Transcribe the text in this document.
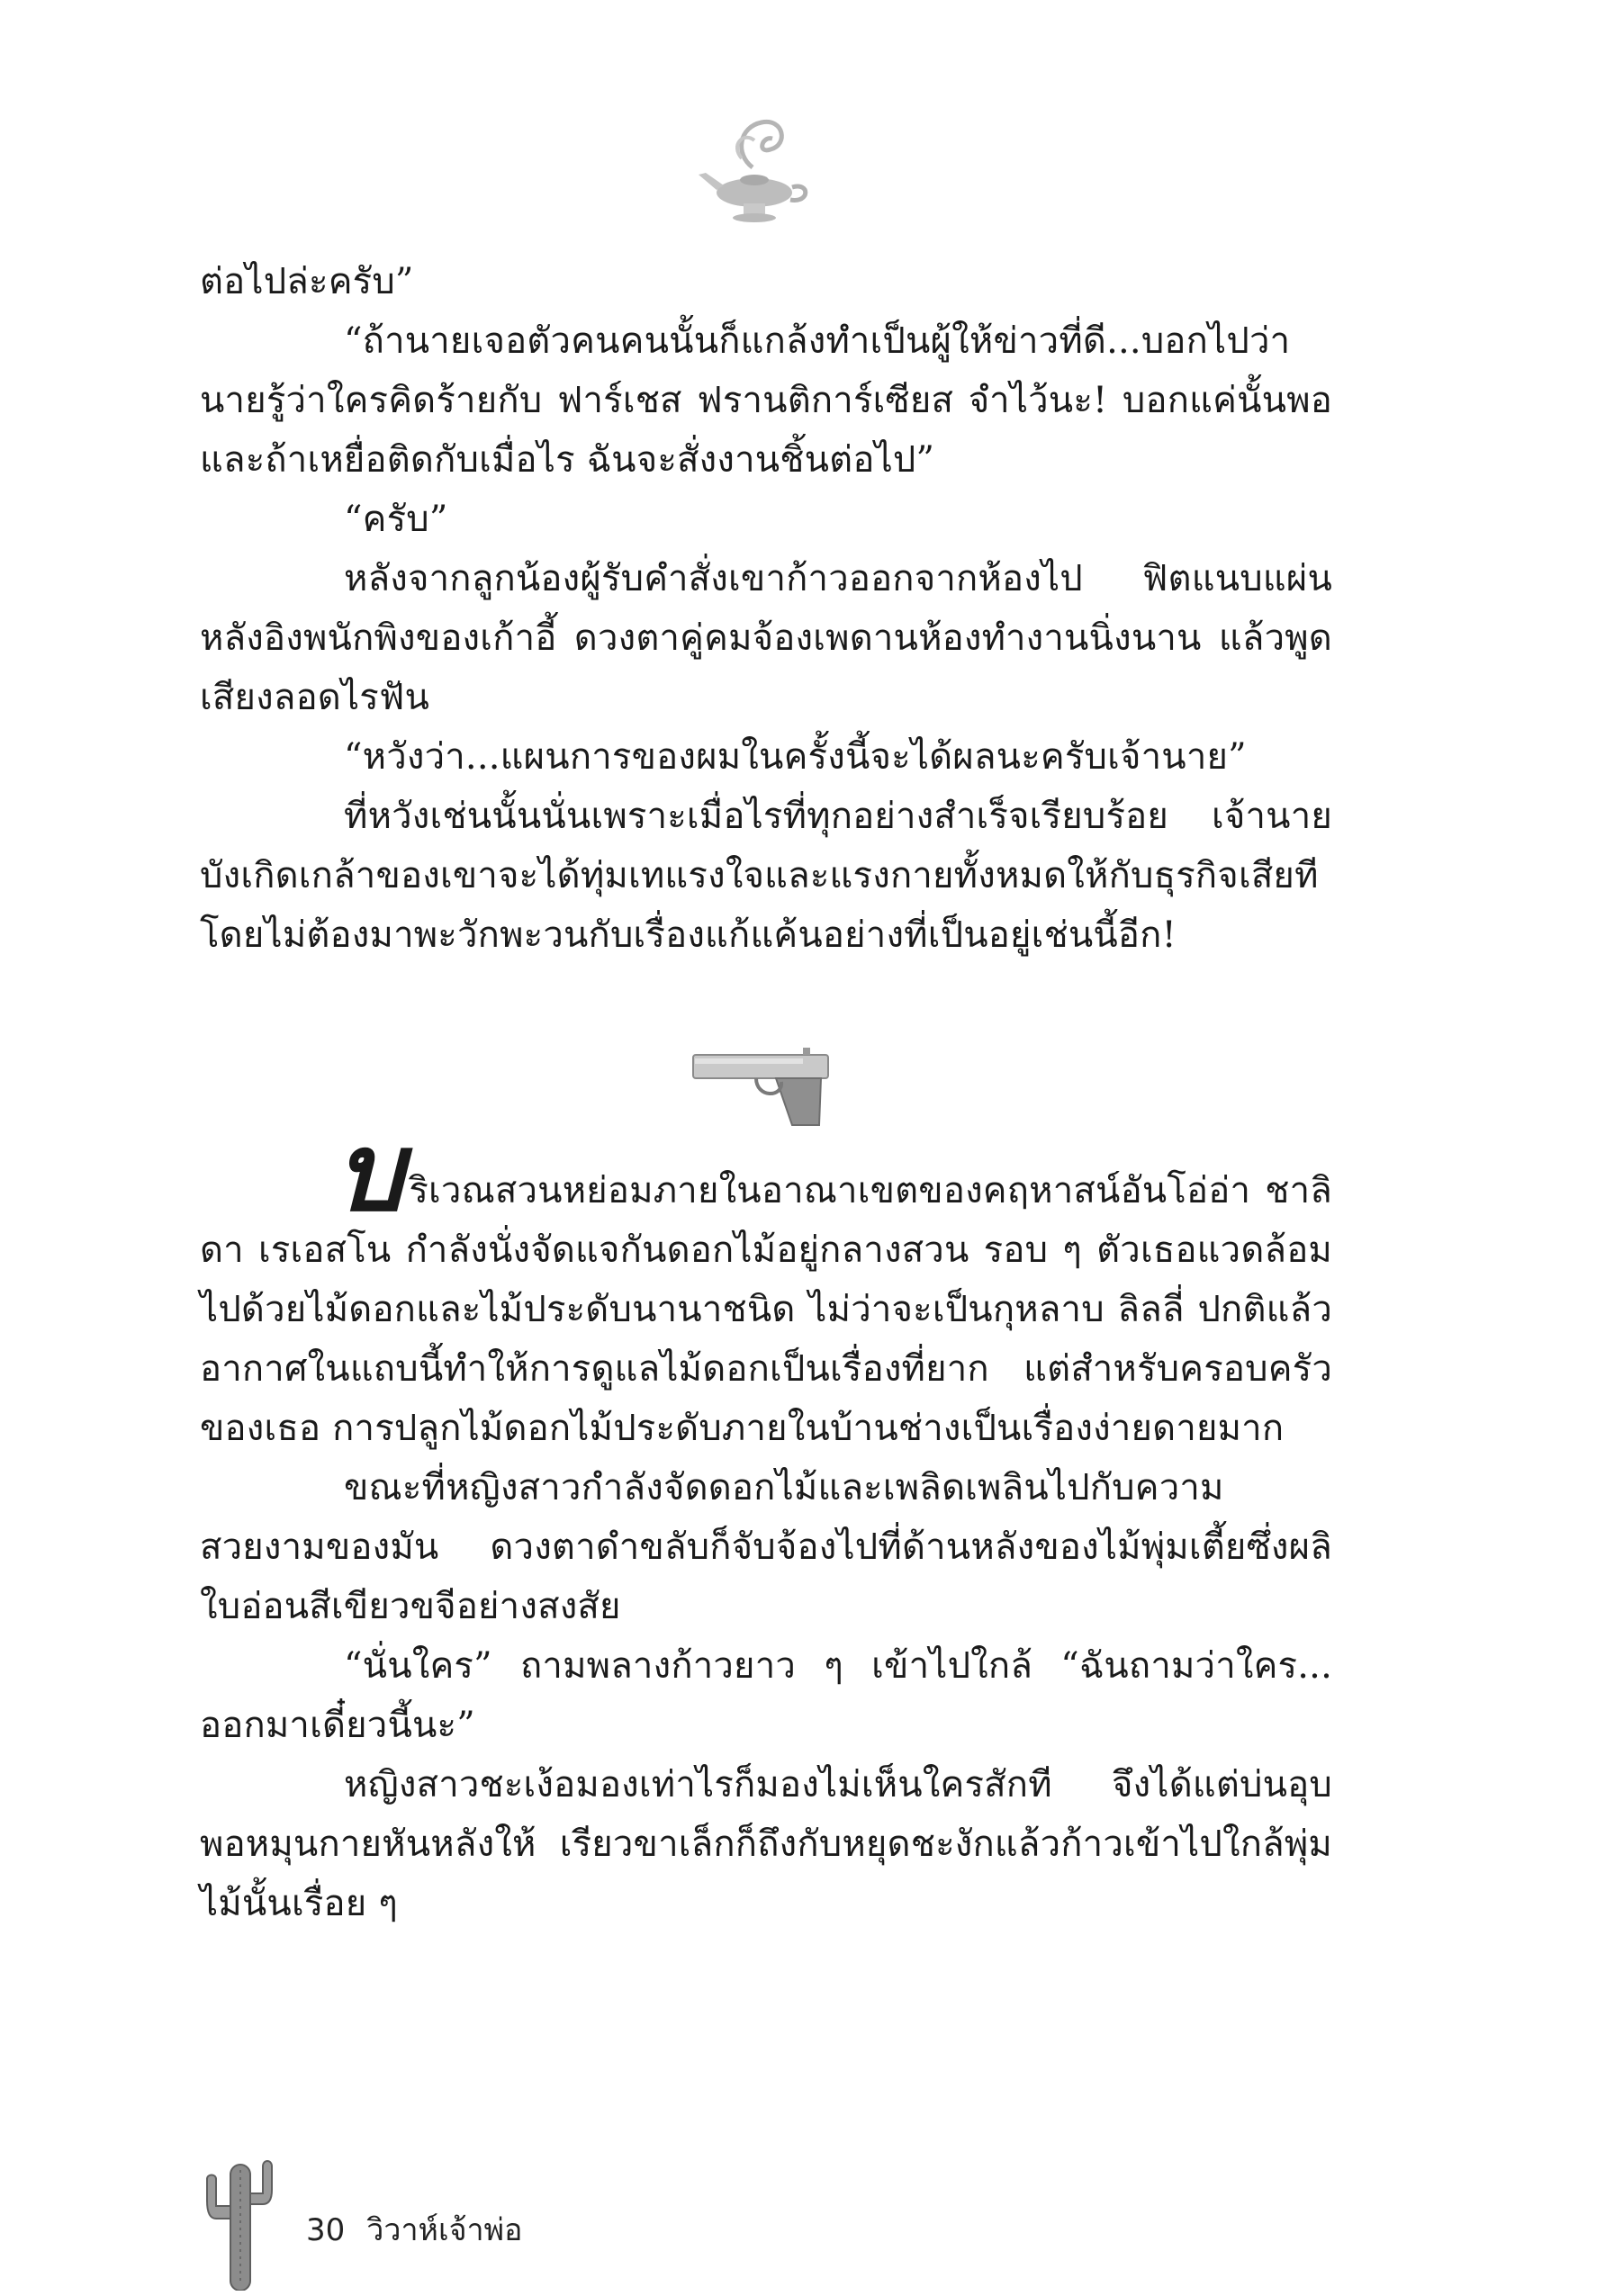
ต่อไปล่ะครับ”

“ถ้านายเจอตัวคนคนนั้นก็แกล้งทำเป็นผู้ให้ข่าวที่ดี...บอกไปว่านายรู้ว่าใครคิดร้ายกับ ฟาร์เชส ฟรานติการ์เซียส จำไว้นะ! บอกแค่นั้นพอ และถ้าเหยื่อติดกับเมื่อไร ฉันจะสั่งงานชิ้นต่อไป”

“ครับ”

หลังจากลูกน้องผู้รับคำสั่งเขาก้าวออกจากห้องไป ฟิตแนบแผ่นหลังอิงพนักพิงของเก้าอี้ ดวงตาคู่คมจ้องเพดานห้องทำงานนิ่งนาน แล้วพูดเสียงลอดไรฟัน

“หวังว่า...แผนการของผมในครั้งนี้จะได้ผลนะครับเจ้านาย”

ที่หวังเช่นนั้นนั่นเพราะเมื่อไรที่ทุกอย่างสำเร็จเรียบร้อย เจ้านายบังเกิดเกล้าของเขาจะได้ทุ่มเทแรงใจและแรงกายทั้งหมดให้กับธุรกิจเสียที โดยไม่ต้องมาพะวักพะวนกับเรื่องแก้แค้นอย่างที่เป็นอยู่เช่นนี้อีก!

บริเวณสวนหย่อมภายในอาณาเขตของคฤหาสน์อันโอ่อ่า ชาลิดา เรเอสโน กำลังนั่งจัดแจกันดอกไม้อยู่กลางสวน รอบ ๆ ตัวเธอแวดล้อมไปด้วยไม้ดอกและไม้ประดับนานาชนิด ไม่ว่าจะเป็นกุหลาบ ลิลลี่ ปกติแล้วอากาศในแถบนี้ทำให้การดูแลไม้ดอกเป็นเรื่องที่ยาก แต่สำหรับครอบครัวของเธอ การปลูกไม้ดอกไม้ประดับภายในบ้านช่างเป็นเรื่องง่ายดายมาก

ขณะที่หญิงสาวกำลังจัดดอกไม้และเพลิดเพลินไปกับความสวยงามของมัน ดวงตาดำขลับก็จับจ้องไปที่ด้านหลังของไม้พุ่มเตี้ยซึ่งผลิใบอ่อนสีเขียวขจีอย่างสงสัย

“นั่นใคร” ถามพลางก้าวยาว ๆ เข้าไปใกล้ “ฉันถามว่าใคร... ออกมาเดี๋ยวนี้นะ”

หญิงสาวชะเง้อมองเท่าไรก็มองไม่เห็นใครสักที จึงได้แต่บ่นอุบ พอหมุนกายหันหลังให้ เรียวขาเล็กก็ถึงกับหยุดชะงักแล้วก้าวเข้าไปใกล้พุ่มไม้นั้นเรื่อย ๆ

30 วิวาห์เจ้าพ่อ
